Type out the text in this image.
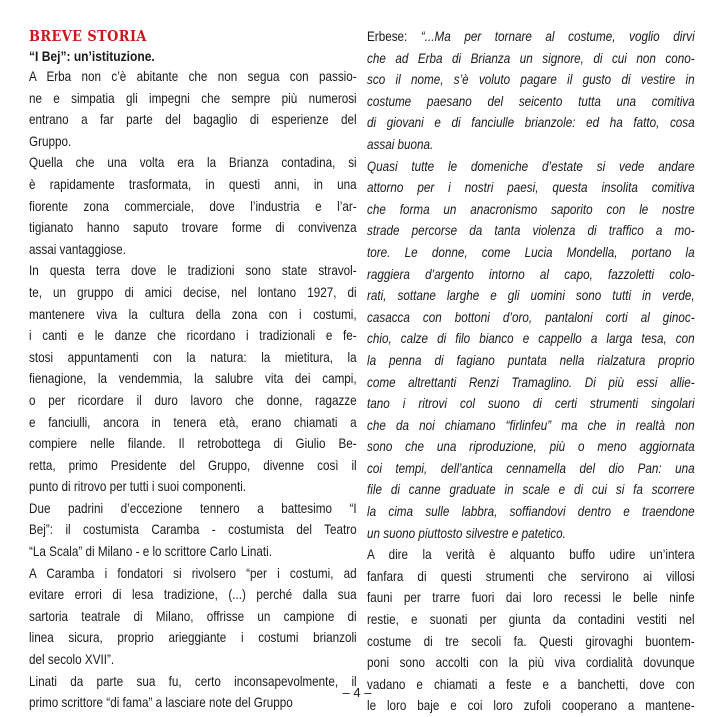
BREVE STORIA
“I Bej”: un’istituzione.
A Erba non c’è abitante che non segua con passio-
ne e simpatia gli impegni che sempre più numerosi
entrano a far parte del bagaglio di esperienze del
Gruppo.
Quella che una volta era la Brianza contadina, si
è rapidamente trasformata, in questi anni, in una
fiorente zona commerciale, dove l’industria e l’ar-
tigianato hanno saputo trovare forme di convivenza
assai vantaggiose.
In questa terra dove le tradizioni sono state stravol-
te, un gruppo di amici decise, nel lontano 1927, di
mantenere viva la cultura della zona con i costumi,
i canti e le danze che ricordano i tradizionali e fe-
stosi appuntamenti con la natura: la mietitura, la
fienagione, la vendemmia, la salubre vita dei campi,
o per ricordare il duro lavoro che donne, ragazze
e fanciulli, ancora in tenera età, erano chiamati a
compiere nelle filande. Il retrobottega di Giulio Be-
retta, primo Presidente del Gruppo, divenne così il
punto di ritrovo per tutti i suoi componenti.
Due padrini d’eccezione tennero a battesimo “I
Bej”: il costumista Caramba - costumista del Teatro
“La Scala” di Milano - e lo scrittore Carlo Linati.
A Caramba i fondatori si rivolsero “per i costumi, ad
evitare errori di lesa tradizione, (...) perché dalla sua
sartoria teatrale di Milano, offrisse un campione di
linea sicura, proprio arieggiante i costumi brianzoli
del secolo XVII”.
Linati da parte sua fu, certo inconsapevolmente, il
primo scrittore “di fama” a lasciare note del Gruppo
Erbese: “...Ma per tornare al costume, voglio dirvi
che ad Erba di Brianza un signore, di cui non cono-
sco il nome, s’è voluto pagare il gusto di vestire in
costume paesano del seicento tutta una comitiva
di giovani e di fanciulle brianzole: ed ha fatto, cosa
assai buona.
Quasi tutte le domeniche d’estate si vede andare
attorno per i nostri paesi, questa insolita comitiva
che forma un anacronismo saporito con le nostre
strade percorse da tanta violenza di traffico a mo-
tore. Le donne, come Lucia Mondella, portano la
raggiera d’argento intorno al capo, fazzoletti colo-
rati, sottane larghe e gli uomini sono tutti in verde,
casacca con bottoni d’oro, pantaloni corti al ginoc-
chio, calze di filo bianco e cappello a larga tesa, con
la penna di fagiano puntata nella rialzatura proprio
come altrettanti Renzi Tramaglino. Di più essi allie-
tano i ritrovi col suono di certi strumenti singolari
che da noi chiamano “firlinfeu” ma che in realtà non
sono che una riproduzione, più o meno aggiornata
coi tempi, dell’antica cennamella del dio Pan: una
file di canne graduate in scale e di cui si fa scorrere
la cima sulle labbra, soffiandovi dentro e traendone
un suono piuttosto silvestre e patetico.
A dire la verità è alquanto buffo udire un’intera
fanfara di questi strumenti che servirono ai villosi
fauni per trarre fuori dai loro recessi le belle ninfe
restie, e suonati per giunta da contadini vestiti nel
costume di tre secoli fa. Questi girovaghi buontem-
poni sono accolti con la più viva cordialità dovunque
vadano e chiamati a feste e a banchetti, dove con
le loro baje e coi loro zufoli cooperano a mantene-
– 4 –
